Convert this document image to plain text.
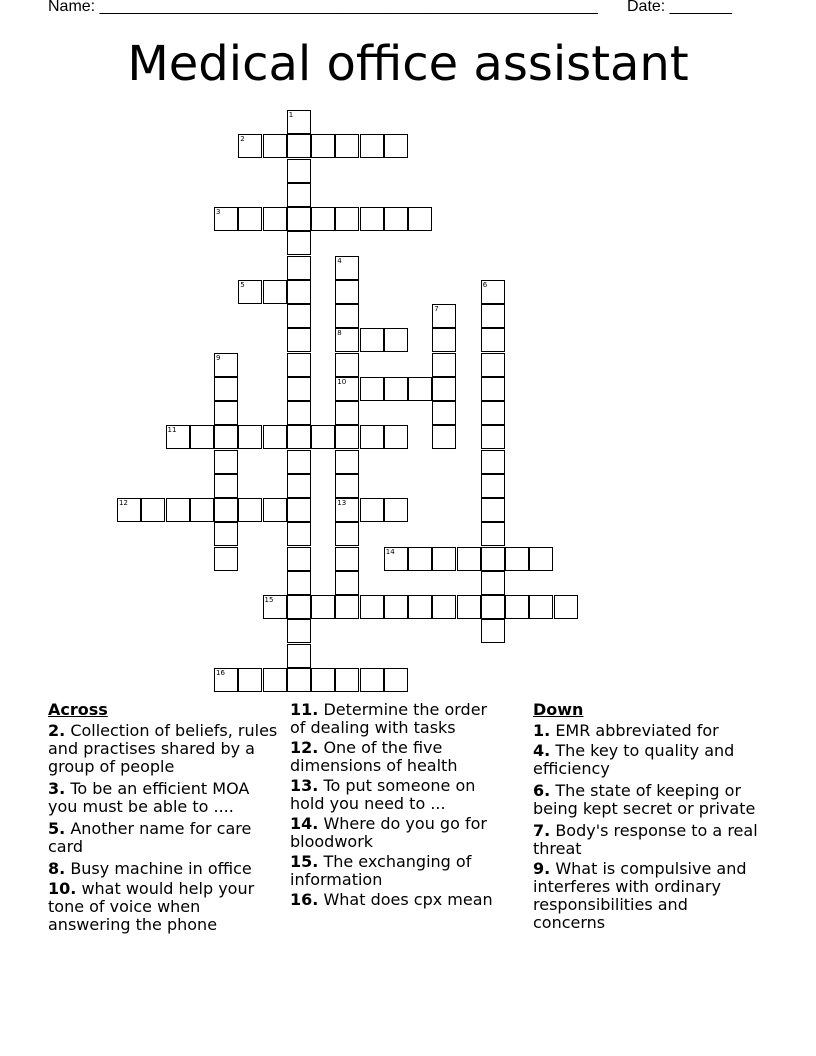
Name: ________________________________________________________ Date: _______
Medical office assistant
1
2
3
4
8
10
13
5	6
7
9
11
12
14
15
16
Across
2. Collection of beliefs, rules and practises shared by a group of people
3. To be an efficient MOA you must be able to ....
5. Another name for care card
8. Busy machine in office
10. what would help your tone of voice when answering the phone
11. Determine the order of dealing with tasks
12. One of the five dimensions of health
13. To put someone on hold you need to ...
14. Where do you go for bloodwork
15. The exchanging of information
16. What does cpx mean
Down
1. EMR abbreviated for
4. The key to quality and efficiency
6. The state of keeping or being kept secret or private
7. Body's response to a real threat
9. What is compulsive and interferes with ordinary responsibilities and concerns
